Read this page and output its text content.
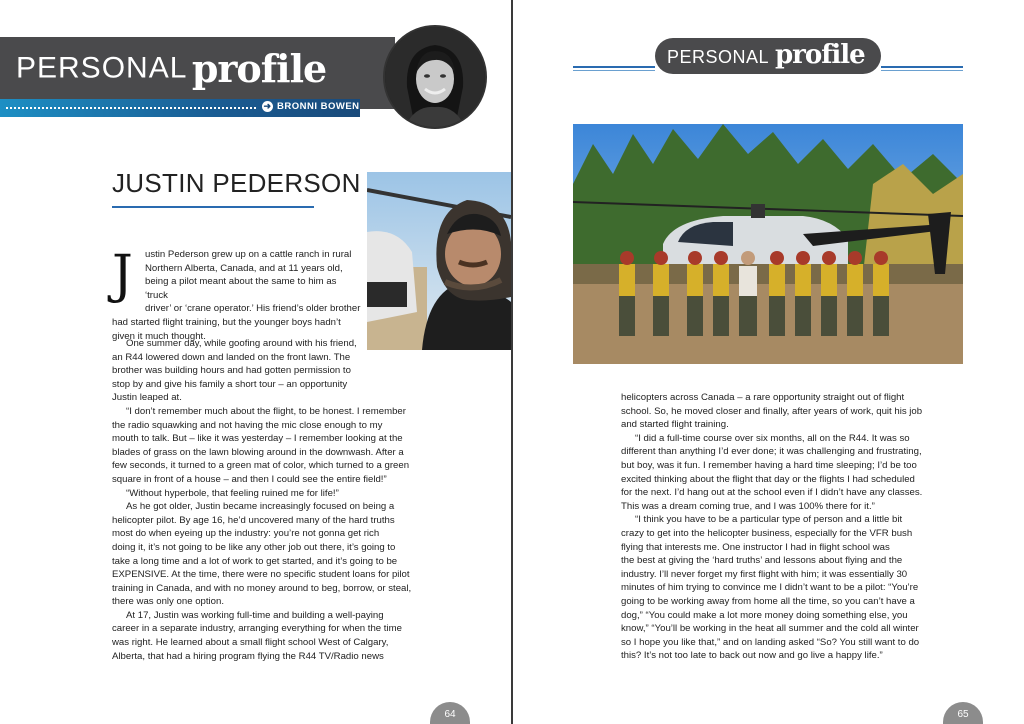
PERSONAL profile
➜ BRONNI BOWEN
JUSTIN PEDERSON
J ustin Pederson grew up on a cattle ranch in rural

Northern Alberta, Canada, and at 11 years old,

being a pilot meant about the same to him as ‘truck

driver’ or ‘crane operator.’ His friend’s older brother

had started flight training, but the younger boys hadn’t

given it much thought.

One summer day, while goofing around with his friend,

an R44 lowered down and landed on the front lawn. The

brother was building hours and had gotten permission to

stop by and give his family a short tour – an opportunity

Justin leaped at.

“I don’t remember much about the flight, to be honest. I remember

the radio squawking and not having the mic close enough to my

mouth to talk. But – like it was yesterday – I remember looking at the

blades of grass on the lawn blowing around in the downwash. After a

few seconds, it turned to a green mat of color, which turned to a green

square in front of a house – and then I could see the entire field!”

“Without hyperbole, that feeling ruined me for life!”

As he got older, Justin became increasingly focused on being a

helicopter pilot. By age 16, he’d uncovered many of the hard truths

most do when eyeing up the industry: you’re not gonna get rich

doing it, it’s not going to be like any other job out there, it’s going to

take a long time and a lot of work to get started, and it’s going to be

EXPENSIVE. At the time, there were no specific student loans for pilot

training in Canada, and with no money around to beg, borrow, or steal,

there was only one option.

At 17, Justin was working full-time and building a well-paying

career in a separate industry, arranging everything for when the time

was right. He learned about a small flight school West of Calgary,

Alberta, that had a hiring program flying the R44 TV/Radio news

64
PERSONAL profile

helicopters across Canada – a rare opportunity straight out of flight

school. So, he moved closer and finally, after years of work, quit his job

and started flight training.

“I did a full-time course over six months, all on the R44. It was so

different than anything I’d ever done; it was challenging and frustrating,

but boy, was it fun. I remember having a hard time sleeping; I’d be too

excited thinking about the flight that day or the flights I had scheduled

for the next. I’d hang out at the school even if I didn’t have any classes.

This was a dream coming true, and I was 100% there for it.”

“I think you have to be a particular type of person and a little bit

crazy to get into the helicopter business, especially for the VFR bush

flying that interests me. One instructor I had in flight school was

the best at giving the ‘hard truths’ and lessons about flying and the

industry. I’ll never forget my first flight with him; it was essentially 30

minutes of him trying to convince me I didn’t want to be a pilot: “You’re

going to be working away from home all the time, so you can’t have a

dog,” “You could make a lot more money doing something else, you

know,” “You’ll be working in the heat all summer and the cold all winter

so I hope you like that,” and on landing asked “So? You still want to do

this? It’s not too late to back out now and go live a happy life.”

65
